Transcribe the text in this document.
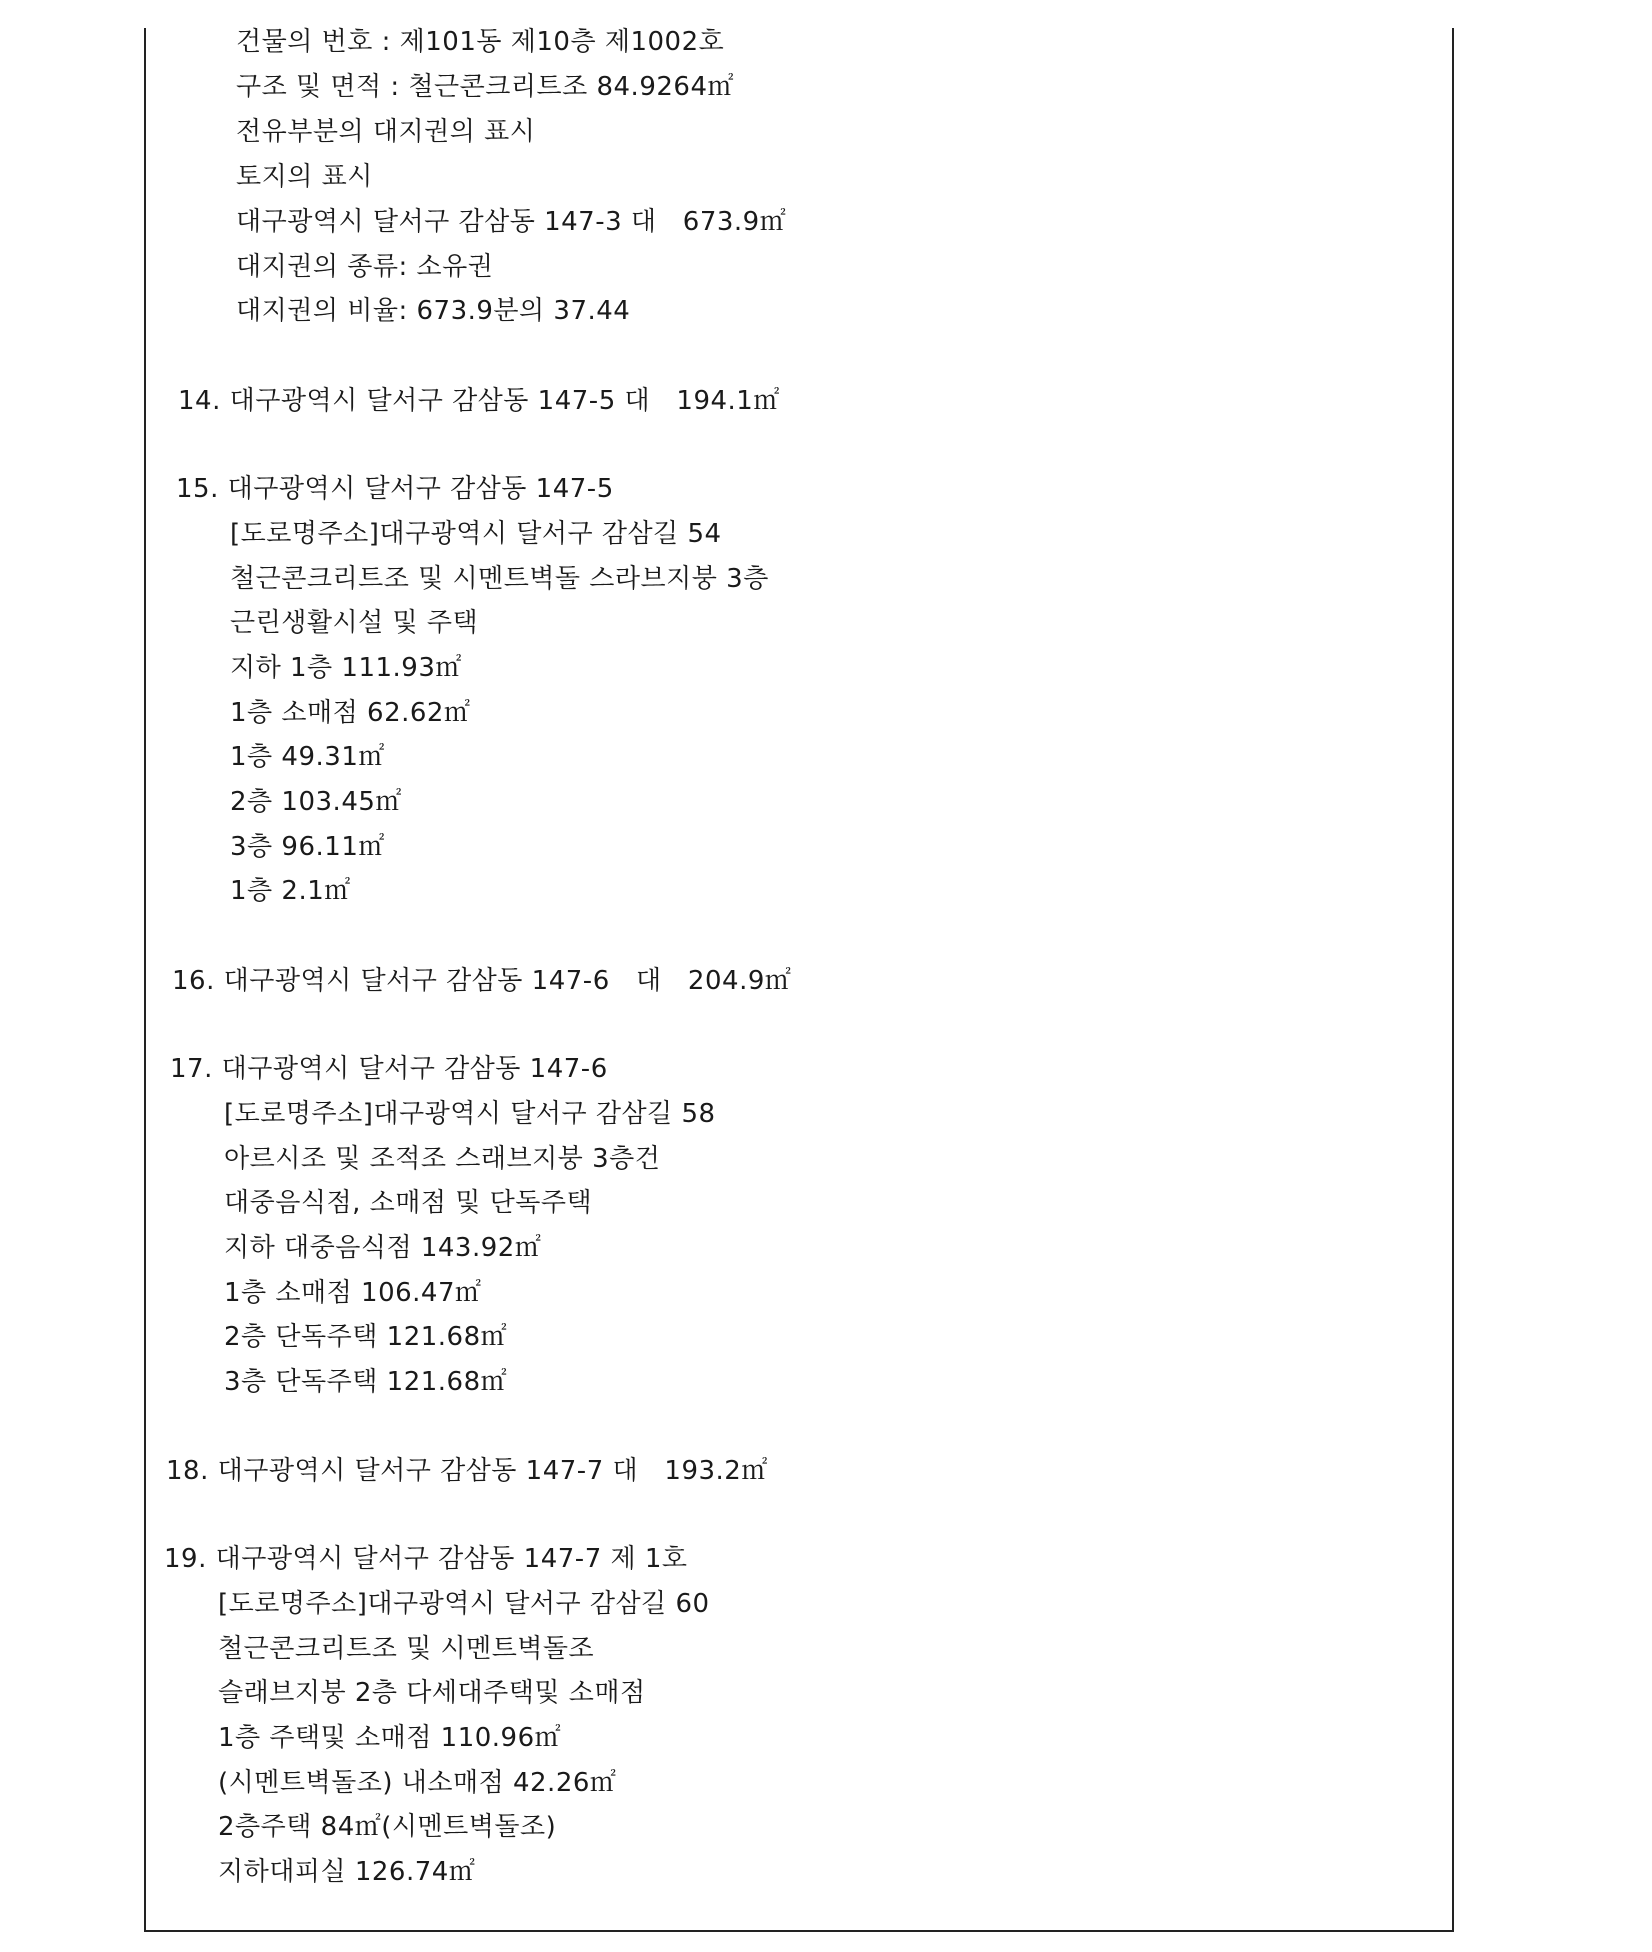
건물의 번호 : 제101동 제10층 제1002호
구조 및 면적 : 철근콘크리트조 84.9264㎡
전유부분의 대지권의 표시
토지의 표시
대구광역시 달서구 감삼동 147-3 대   673.9㎡
대지권의 종류: 소유권
대지권의 비율: 673.9분의 37.44
14. 대구광역시 달서구 감삼동 147-5 대   194.1㎡
15. 대구광역시 달서구 감삼동 147-5
[도로명주소]대구광역시 달서구 감삼길 54
철근콘크리트조 및 시멘트벽돌 스라브지붕 3층
근린생활시설 및 주택
지하 1층 111.93㎡
1층 소매점 62.62㎡
1층 49.31㎡
2층 103.45㎡
3층 96.11㎡
1층 2.1㎡
16. 대구광역시 달서구 감삼동 147-6   대   204.9㎡
17. 대구광역시 달서구 감삼동 147-6
[도로명주소]대구광역시 달서구 감삼길 58
아르시조 및 조적조 스래브지붕 3층건
대중음식점, 소매점 및 단독주택
지하 대중음식점 143.92㎡
1층 소매점 106.47㎡
2층 단독주택 121.68㎡
3층 단독주택 121.68㎡
18. 대구광역시 달서구 감삼동 147-7 대   193.2㎡
19. 대구광역시 달서구 감삼동 147-7 제 1호
[도로명주소]대구광역시 달서구 감삼길 60
철근콘크리트조 및 시멘트벽돌조
슬래브지붕 2층 다세대주택및 소매점
1층 주택및 소매점 110.96㎡
(시멘트벽돌조) 내소매점 42.26㎡
2층주택 84㎡(시멘트벽돌조)
지하대피실 126.74㎡
